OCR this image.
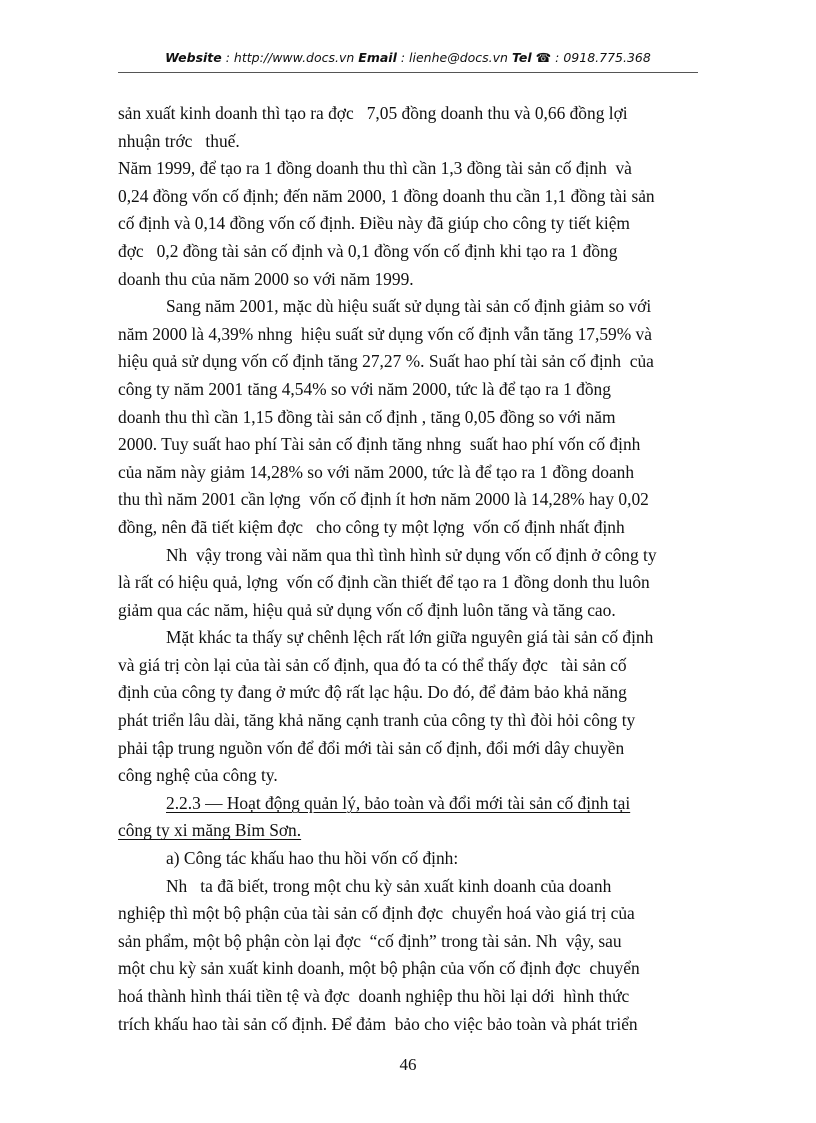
Website : http://www.docs.vn Email : lienhe@docs.vn Tel ☎ : 0918.775.368
sản xuất kinh doanh thì tạo ra đợc   7,05 đồng doanh thu và 0,66 đồng lợi
nhuận trớc   thuế.
Năm 1999, để tạo ra 1 đồng doanh thu thì cần 1,3 đồng tài sản cố định  và
0,24 đồng vốn cố định; đến năm 2000, 1 đồng doanh thu cần 1,1 đồng tài sản
cố định và 0,14 đồng vốn cố định. Điều này đã giúp cho công ty tiết kiệm
đợc   0,2 đồng tài sản cố định và 0,1 đồng vốn cố định khi tạo ra 1 đồng
doanh thu của năm 2000 so với năm 1999.
Sang năm 2001, mặc dù hiệu suất sử dụng tài sản cố định giảm so với
năm 2000 là 4,39% nhng  hiệu suất sử dụng vốn cố định vẫn tăng 17,59% và
hiệu quả sử dụng vốn cố định tăng 27,27 %. Suất hao phí tài sản cố định  của
công ty năm 2001 tăng 4,54% so với năm 2000, tức là để tạo ra 1 đồng
doanh thu thì cần 1,15 đồng tài sản cố định , tăng 0,05 đồng so với năm
2000. Tuy suất hao phí Tài sản cố định tăng nhng  suất hao phí vốn cố định
của năm này giảm 14,28% so với năm 2000, tức là để tạo ra 1 đồng doanh
thu thì năm 2001 cần lợng  vốn cố định ít hơn năm 2000 là 14,28% hay 0,02
đồng, nên đã tiết kiệm đợc   cho công ty một lợng  vốn cố định nhất định
Nh  vậy trong vài năm qua thì tình hình sử dụng vốn cố định ở công ty
là rất có hiệu quả, lợng  vốn cố định cần thiết để tạo ra 1 đồng donh thu luôn
giảm qua các năm, hiệu quả sử dụng vốn cố định luôn tăng và tăng cao.
Mặt khác ta thấy sự chênh lệch rất lớn giữa nguyên giá tài sản cố định
và giá trị còn lại của tài sản cố định, qua đó ta có thể thấy đợc   tài sản cố
định của công ty đang ở mức độ rất lạc hậu. Do đó, để đảm bảo khả năng
phát triển lâu dài, tăng khả năng cạnh tranh của công ty thì đòi hỏi công ty
phải tập trung nguồn vốn để đổi mới tài sản cố định, đổi mới dây chuyền
công nghệ của công ty.
2.2.3 — Hoạt động quản lý, bảo toàn và đổi mới tài sản cố định tại
công ty xi măng Bỉm Sơn.
a) Công tác khấu hao thu hồi vốn cố định:
Nh   ta đã biết, trong một chu kỳ sản xuất kinh doanh của doanh
nghiệp thì một bộ phận của tài sản cố định đợc  chuyển hoá vào giá trị của
sản phẩm, một bộ phận còn lại đợc  “cố định” trong tài sản. Nh  vậy, sau
một chu kỳ sản xuất kinh doanh, một bộ phận của vốn cố định đợc  chuyển
hoá thành hình thái tiền tệ và đợc  doanh nghiệp thu hồi lại dới  hình thức
trích khấu hao tài sản cố định. Để đảm  bảo cho việc bảo toàn và phát triển
46
